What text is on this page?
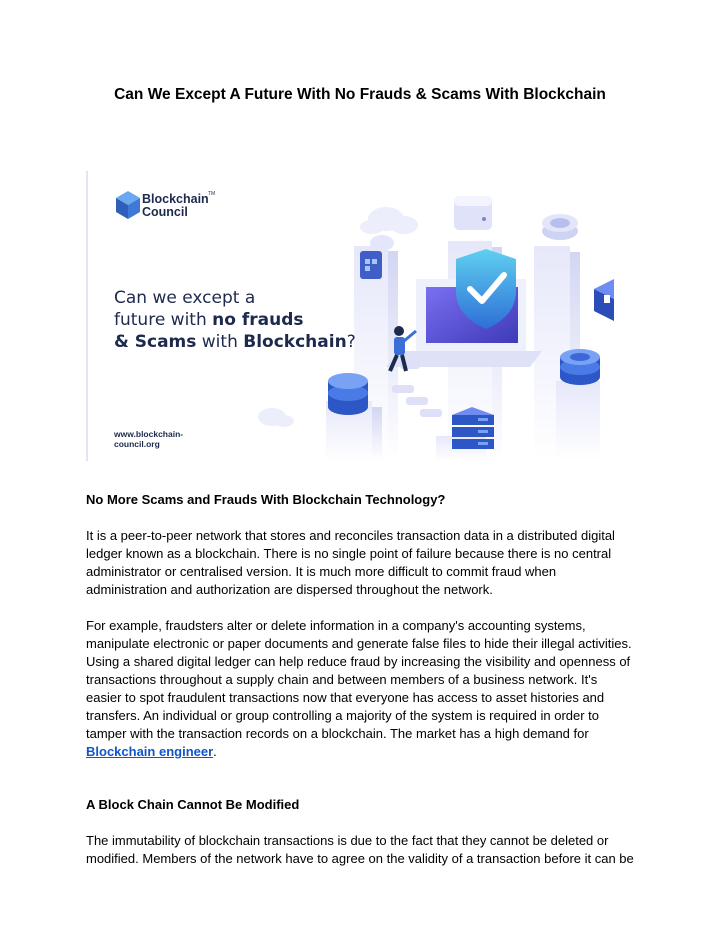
Can We Except A Future With No Frauds & Scams With Blockchain
Blockchain
Council
TM
Can we except a
future with no frauds
& Scams with Blockchain?
www.blockchain-council.org
No More Scams and Frauds With Blockchain Technology?

It is a peer-to-peer network that stores and reconciles transaction data in a distributed digital ledger known as a blockchain. There is no single point of failure because there is no central administrator or centralised version. It is much more difficult to commit fraud when administration and authorization are dispersed throughout the network.

For example, fraudsters alter or delete information in a company's accounting systems, manipulate electronic or paper documents and generate false files to hide their illegal activities. Using a shared digital ledger can help reduce fraud by increasing the visibility and openness of transactions throughout a supply chain and between members of a business network. It's easier to spot fraudulent transactions now that everyone has access to asset histories and transfers. An individual or group controlling a majority of the system is required in order to tamper with the transaction records on a blockchain. The market has a high demand for Blockchain engineer.

A Block Chain Cannot Be Modified

The immutability of blockchain transactions is due to the fact that they cannot be deleted or modified. Members of the network have to agree on the validity of a transaction before it can be
